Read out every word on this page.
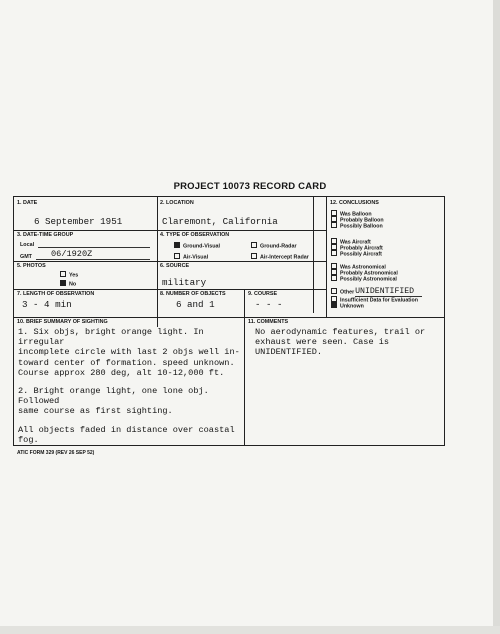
PROJECT 10073 RECORD CARD
1. DATE
6 September 1951
2. LOCATION
Claremont, California
3. DATE-TIME GROUP
Local
GMT 06/1920Z
4. TYPE OF OBSERVATION
Ground-Visual	Ground-Radar
Air-Visual	Air-Intercept Radar
5. PHOTOS
Yes
No
6. SOURCE
military
7. LENGTH OF OBSERVATION
3 - 4 min
8. NUMBER OF OBJECTS
6 and 1
9. COURSE
- - -
12. CONCLUSIONS
Was Balloon
Probably Balloon
Possibly Balloon
Was Aircraft
Probably Aircraft
Possibly Aircraft
Was Astronomical
Probably Astronomical
Possibly Astronomical
OtherUNIDENTIFIED
Insufficient Data for Evaluation
Unknown
10. BRIEF SUMMARY OF SIGHTING

1. Six objs, bright orange light. In irregular
incomplete circle with last 2 objs well in-
toward center of formation. speed unknown.
Course approx 280 deg, alt 10-12,000 ft.

2. Bright orange light, one lone obj. Followed
same course as first sighting.

All objects faded in distance over coastal fog.

11. COMMENTS
No aerodynamic features, trail or
exhaust were seen. Case is
UNIDENTIFIED.
ATIC FORM 329 (REV 26 SEP 52)
